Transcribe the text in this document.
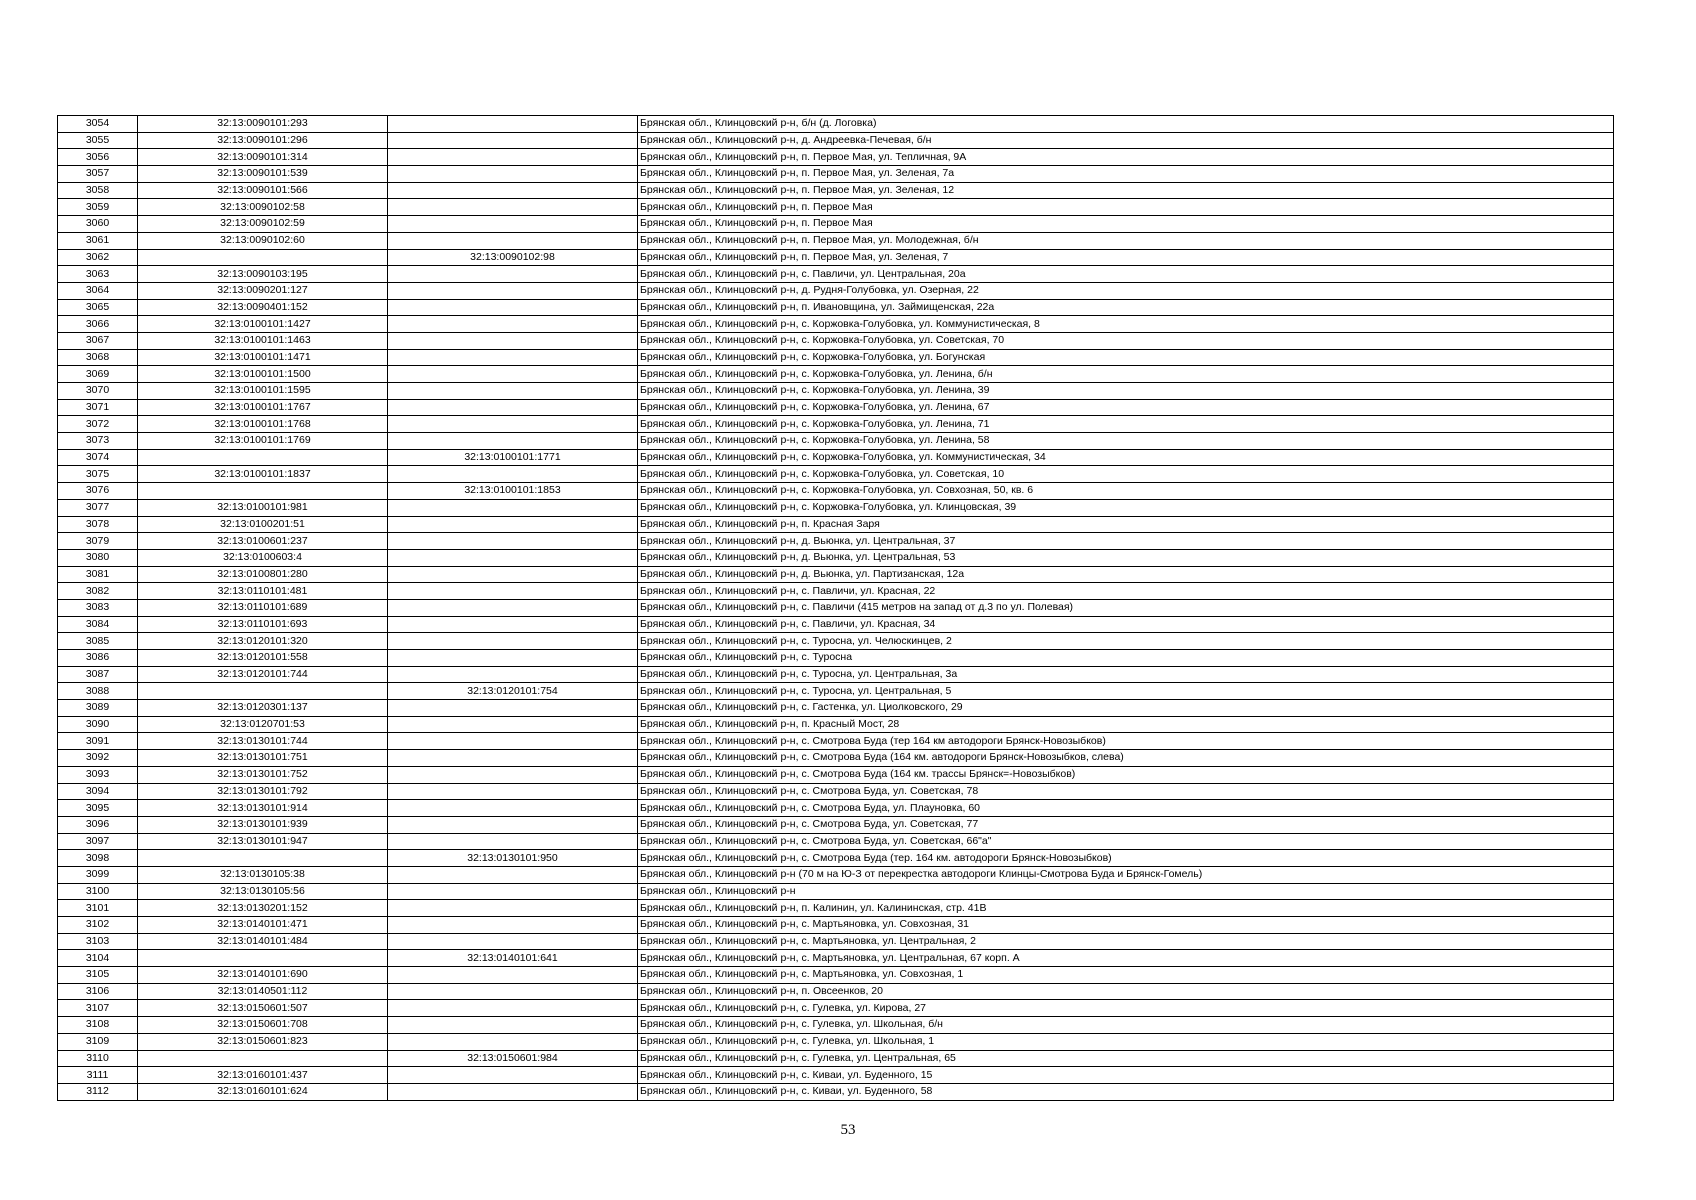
3054	32:13:0090101:293		Брянская обл., Клинцовский р-н, б/н (д. Логовка)
3055	32:13:0090101:296		Брянская обл., Клинцовский р-н, д. Андреевка-Печевая, б/н
3056	32:13:0090101:314		Брянская обл., Клинцовский р-н, п. Первое Мая, ул. Тепличная, 9А
3057	32:13:0090101:539		Брянская обл., Клинцовский р-н, п. Первое Мая, ул. Зеленая, 7а
3058	32:13:0090101:566		Брянская обл., Клинцовский р-н, п. Первое Мая, ул. Зеленая, 12
3059	32:13:0090102:58		Брянская обл., Клинцовский р-н, п. Первое Мая
3060	32:13:0090102:59		Брянская обл., Клинцовский р-н, п. Первое Мая
3061	32:13:0090102:60		Брянская обл., Клинцовский р-н, п. Первое Мая, ул. Молодежная, б/н
3062		32:13:0090102:98	Брянская обл., Клинцовский р-н, п. Первое Мая, ул. Зеленая, 7
3063	32:13:0090103:195		Брянская обл., Клинцовский р-н, с. Павличи, ул. Центральная, 20а
3064	32:13:0090201:127		Брянская обл., Клинцовский р-н, д. Рудня-Голубовка, ул. Озерная, 22
3065	32:13:0090401:152		Брянская обл., Клинцовский р-н, п. Ивановщина, ул. Займищенская, 22а
3066	32:13:0100101:1427		Брянская обл., Клинцовский р-н, с. Коржовка-Голубовка, ул. Коммунистическая, 8
3067	32:13:0100101:1463		Брянская обл., Клинцовский р-н, с. Коржовка-Голубовка, ул. Советская, 70
3068	32:13:0100101:1471		Брянская обл., Клинцовский р-н, с. Коржовка-Голубовка, ул. Богунская
3069	32:13:0100101:1500		Брянская обл., Клинцовский р-н, с. Коржовка-Голубовка, ул. Ленина, б/н
3070	32:13:0100101:1595		Брянская обл., Клинцовский р-н, с. Коржовка-Голубовка, ул. Ленина, 39
3071	32:13:0100101:1767		Брянская обл., Клинцовский р-н, с. Коржовка-Голубовка, ул. Ленина, 67
3072	32:13:0100101:1768		Брянская обл., Клинцовский р-н, с. Коржовка-Голубовка, ул. Ленина, 71
3073	32:13:0100101:1769		Брянская обл., Клинцовский р-н, с. Коржовка-Голубовка, ул. Ленина, 58
3074		32:13:0100101:1771	Брянская обл., Клинцовский р-н, с. Коржовка-Голубовка, ул. Коммунистическая, 34
3075	32:13:0100101:1837		Брянская обл., Клинцовский р-н, с. Коржовка-Голубовка, ул. Советская, 10
3076		32:13:0100101:1853	Брянская обл., Клинцовский р-н, с. Коржовка-Голубовка, ул. Совхозная, 50, кв. 6
3077	32:13:0100101:981		Брянская обл., Клинцовский р-н, с. Коржовка-Голубовка, ул. Клинцовская, 39
3078	32:13:0100201:51		Брянская обл., Клинцовский р-н, п. Красная Заря
3079	32:13:0100601:237		Брянская обл., Клинцовский р-н, д. Вьюнка, ул. Центральная, 37
3080	32:13:0100603:4		Брянская обл., Клинцовский р-н, д. Вьюнка, ул. Центральная, 53
3081	32:13:0100801:280		Брянская обл., Клинцовский р-н, д. Вьюнка, ул. Партизанская, 12а
3082	32:13:0110101:481		Брянская обл., Клинцовский р-н, с. Павличи, ул. Красная, 22
3083	32:13:0110101:689		Брянская обл., Клинцовский р-н, с. Павличи (415 метров на запад от д.3 по ул. Полевая)
3084	32:13:0110101:693		Брянская обл., Клинцовский р-н, с. Павличи, ул. Красная, 34
3085	32:13:0120101:320		Брянская обл., Клинцовский р-н, с. Туросна, ул. Челюскинцев, 2
3086	32:13:0120101:558		Брянская обл., Клинцовский р-н, с. Туросна
3087	32:13:0120101:744		Брянская обл., Клинцовский р-н, с. Туросна, ул. Центральная, 3а
3088		32:13:0120101:754	Брянская обл., Клинцовский р-н, с. Туросна, ул. Центральная, 5
3089	32:13:0120301:137		Брянская обл., Клинцовский р-н, с. Гастенка, ул. Циолковского, 29
3090	32:13:0120701:53		Брянская обл., Клинцовский р-н, п. Красный Мост, 28
3091	32:13:0130101:744		Брянская обл., Клинцовский р-н, с. Смотрова Буда (тер 164 км автодороги Брянск-Новозыбков)
3092	32:13:0130101:751		Брянская обл., Клинцовский р-н, с. Смотрова Буда (164 км. автодороги Брянск-Новозыбков, слева)
3093	32:13:0130101:752		Брянская обл., Клинцовский р-н, с. Смотрова Буда (164 км. трассы Брянск=-Новозыбков)
3094	32:13:0130101:792		Брянская обл., Клинцовский р-н, с. Смотрова Буда, ул. Советская, 78
3095	32:13:0130101:914		Брянская обл., Клинцовский р-н, с. Смотрова Буда, ул. Плауновка, 60
3096	32:13:0130101:939		Брянская обл., Клинцовский р-н, с. Смотрова Буда, ул. Советская, 77
3097	32:13:0130101:947		Брянская обл., Клинцовский р-н, с. Смотрова Буда, ул. Советская, 66"а"
3098		32:13:0130101:950	Брянская обл., Клинцовский р-н, с. Смотрова Буда (тер. 164 км. автодороги Брянск-Новозыбков)
3099	32:13:0130105:38		Брянская обл., Клинцовский р-н (70 м на Ю-З от перекрестка автодороги Клинцы-Смотрова Буда и Брянск-Гомель)
3100	32:13:0130105:56		Брянская обл., Клинцовский р-н
3101	32:13:0130201:152		Брянская обл., Клинцовский р-н, п. Калинин, ул. Калининская, стр. 41В
3102	32:13:0140101:471		Брянская обл., Клинцовский р-н, с. Мартьяновка, ул. Совхозная, 31
3103	32:13:0140101:484		Брянская обл., Клинцовский р-н, с. Мартьяновка, ул. Центральная, 2
3104		32:13:0140101:641	Брянская обл., Клинцовский р-н, с. Мартьяновка, ул. Центральная, 67 корп. А
3105	32:13:0140101:690		Брянская обл., Клинцовский р-н, с. Мартьяновка, ул. Совхозная, 1
3106	32:13:0140501:112		Брянская обл., Клинцовский р-н, п. Овсеенков, 20
3107	32:13:0150601:507		Брянская обл., Клинцовский р-н, с. Гулевка, ул. Кирова, 27
3108	32:13:0150601:708		Брянская обл., Клинцовский р-н, с. Гулевка, ул. Школьная, б/н
3109	32:13:0150601:823		Брянская обл., Клинцовский р-н, с. Гулевка, ул. Школьная, 1
3110		32:13:0150601:984	Брянская обл., Клинцовский р-н, с. Гулевка, ул. Центральная, 65
3111	32:13:0160101:437		Брянская обл., Клинцовский р-н, с. Киваи, ул. Буденного, 15
3112	32:13:0160101:624		Брянская обл., Клинцовский р-н, с. Киваи, ул. Буденного, 58
53
